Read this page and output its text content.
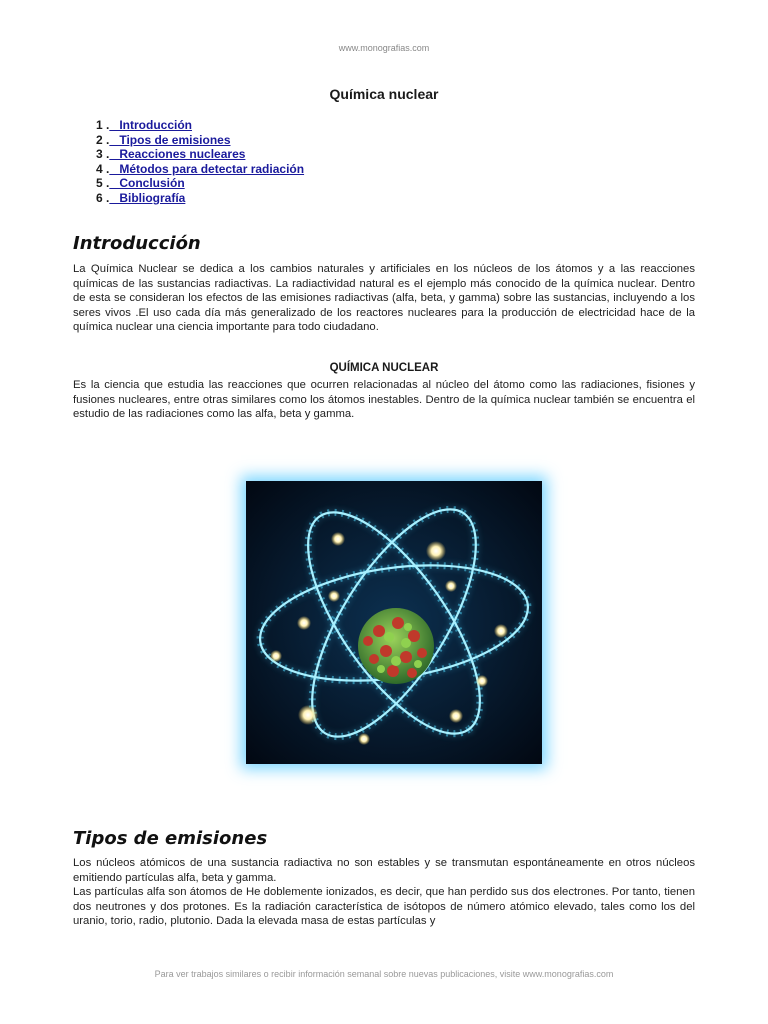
www.monografias.com
Química nuclear
1 .   Introducción
2 .   Tipos de emisiones
3 .   Reacciones nucleares
4 .   Métodos para detectar radiación
5 .   Conclusión
6 .   Bibliografía
Introducción

La Química Nuclear se dedica a los cambios naturales y artificiales en los núcleos de los átomos y a las reacciones químicas de las sustancias radiactivas. La radiactividad natural es el ejemplo más conocido de la química nuclear. Dentro de esta se consideran los efectos de las emisiones radiactivas (alfa, beta, y gamma) sobre las sustancias, incluyendo a los seres vivos .El uso cada día más generalizado de los reactores nucleares para la producción de electricidad hace de la química nuclear una ciencia importante para todo ciudadano.

QUÍMICA NUCLEAR

Es la ciencia que estudia las reacciones que ocurren relacionadas al núcleo del átomo como las radiaciones, fisiones y fusiones nucleares, entre otras similares como los átomos inestables. Dentro de la química nuclear también se encuentra el estudio de las radiaciones como las alfa, beta y gamma.

Tipos de emisiones

Los núcleos atómicos de una sustancia radiactiva no son estables y se transmutan espontáneamente en otros núcleos emitiendo partículas alfa, beta y gamma.

Las partículas alfa son átomos de He doblemente ionizados, es decir, que han perdido sus dos electrones. Por tanto, tienen dos neutrones y dos protones. Es la radiación característica de isótopos de número atómico elevado, tales como los del uranio, torio, radio, plutonio. Dada la elevada masa de estas partículas y

Para ver trabajos similares o recibir información semanal sobre nuevas publicaciones, visite www.monografias.com
